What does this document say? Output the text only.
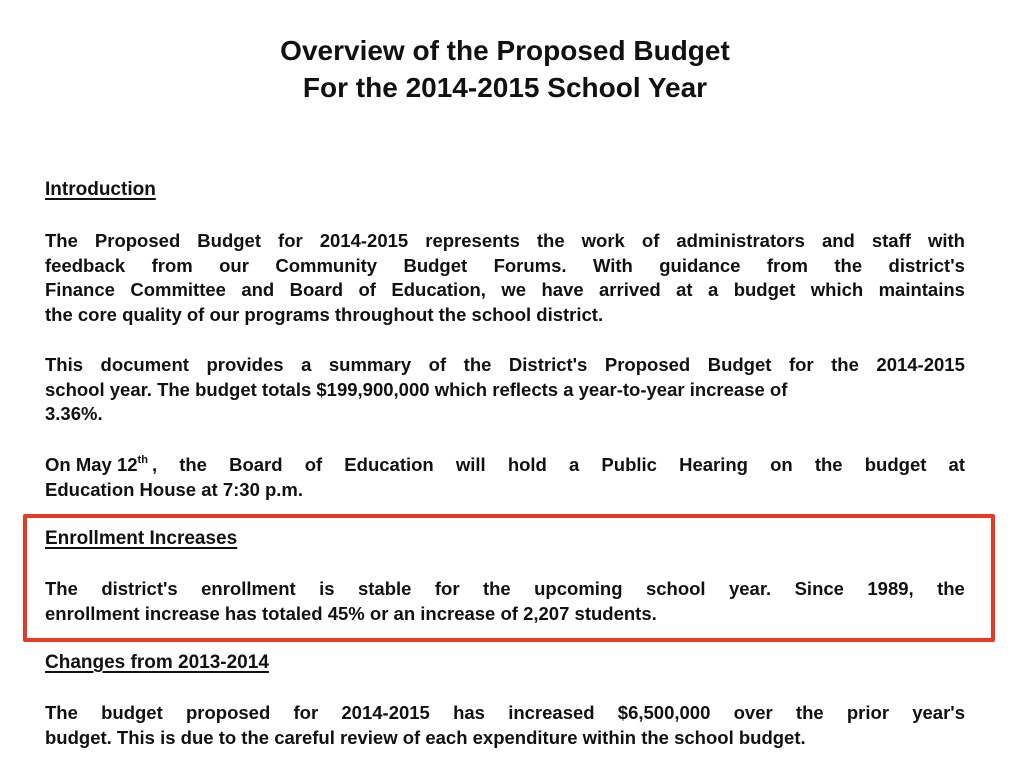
Overview of the Proposed Budget
For the 2014-2015 School Year
Introduction

The Proposed Budget for 2014-2015 represents the work of administrators and staff with
feedback from our Community Budget Forums. With guidance from the district's
Finance Committee and Board of Education, we have arrived at a budget which maintains
the core quality of our programs throughout the school district.

This document provides a summary of the District's Proposed Budget for the 2014-2015
school year. The budget totals $199,900,000 which reflects a year-to-year increase of
3.36%.

On May 12th , the Board of Education will hold a Public Hearing on the budget at
Education House at 7:30 p.m.

Enrollment Increases

The district's enrollment is stable for the upcoming school year. Since 1989, the
enrollment increase has totaled 45% or an increase of 2,207 students.

Changes from 2013-2014

The budget proposed for 2014-2015 has increased $6,500,000 over the prior year's
budget. This is due to the careful review of each expenditure within the school budget.
